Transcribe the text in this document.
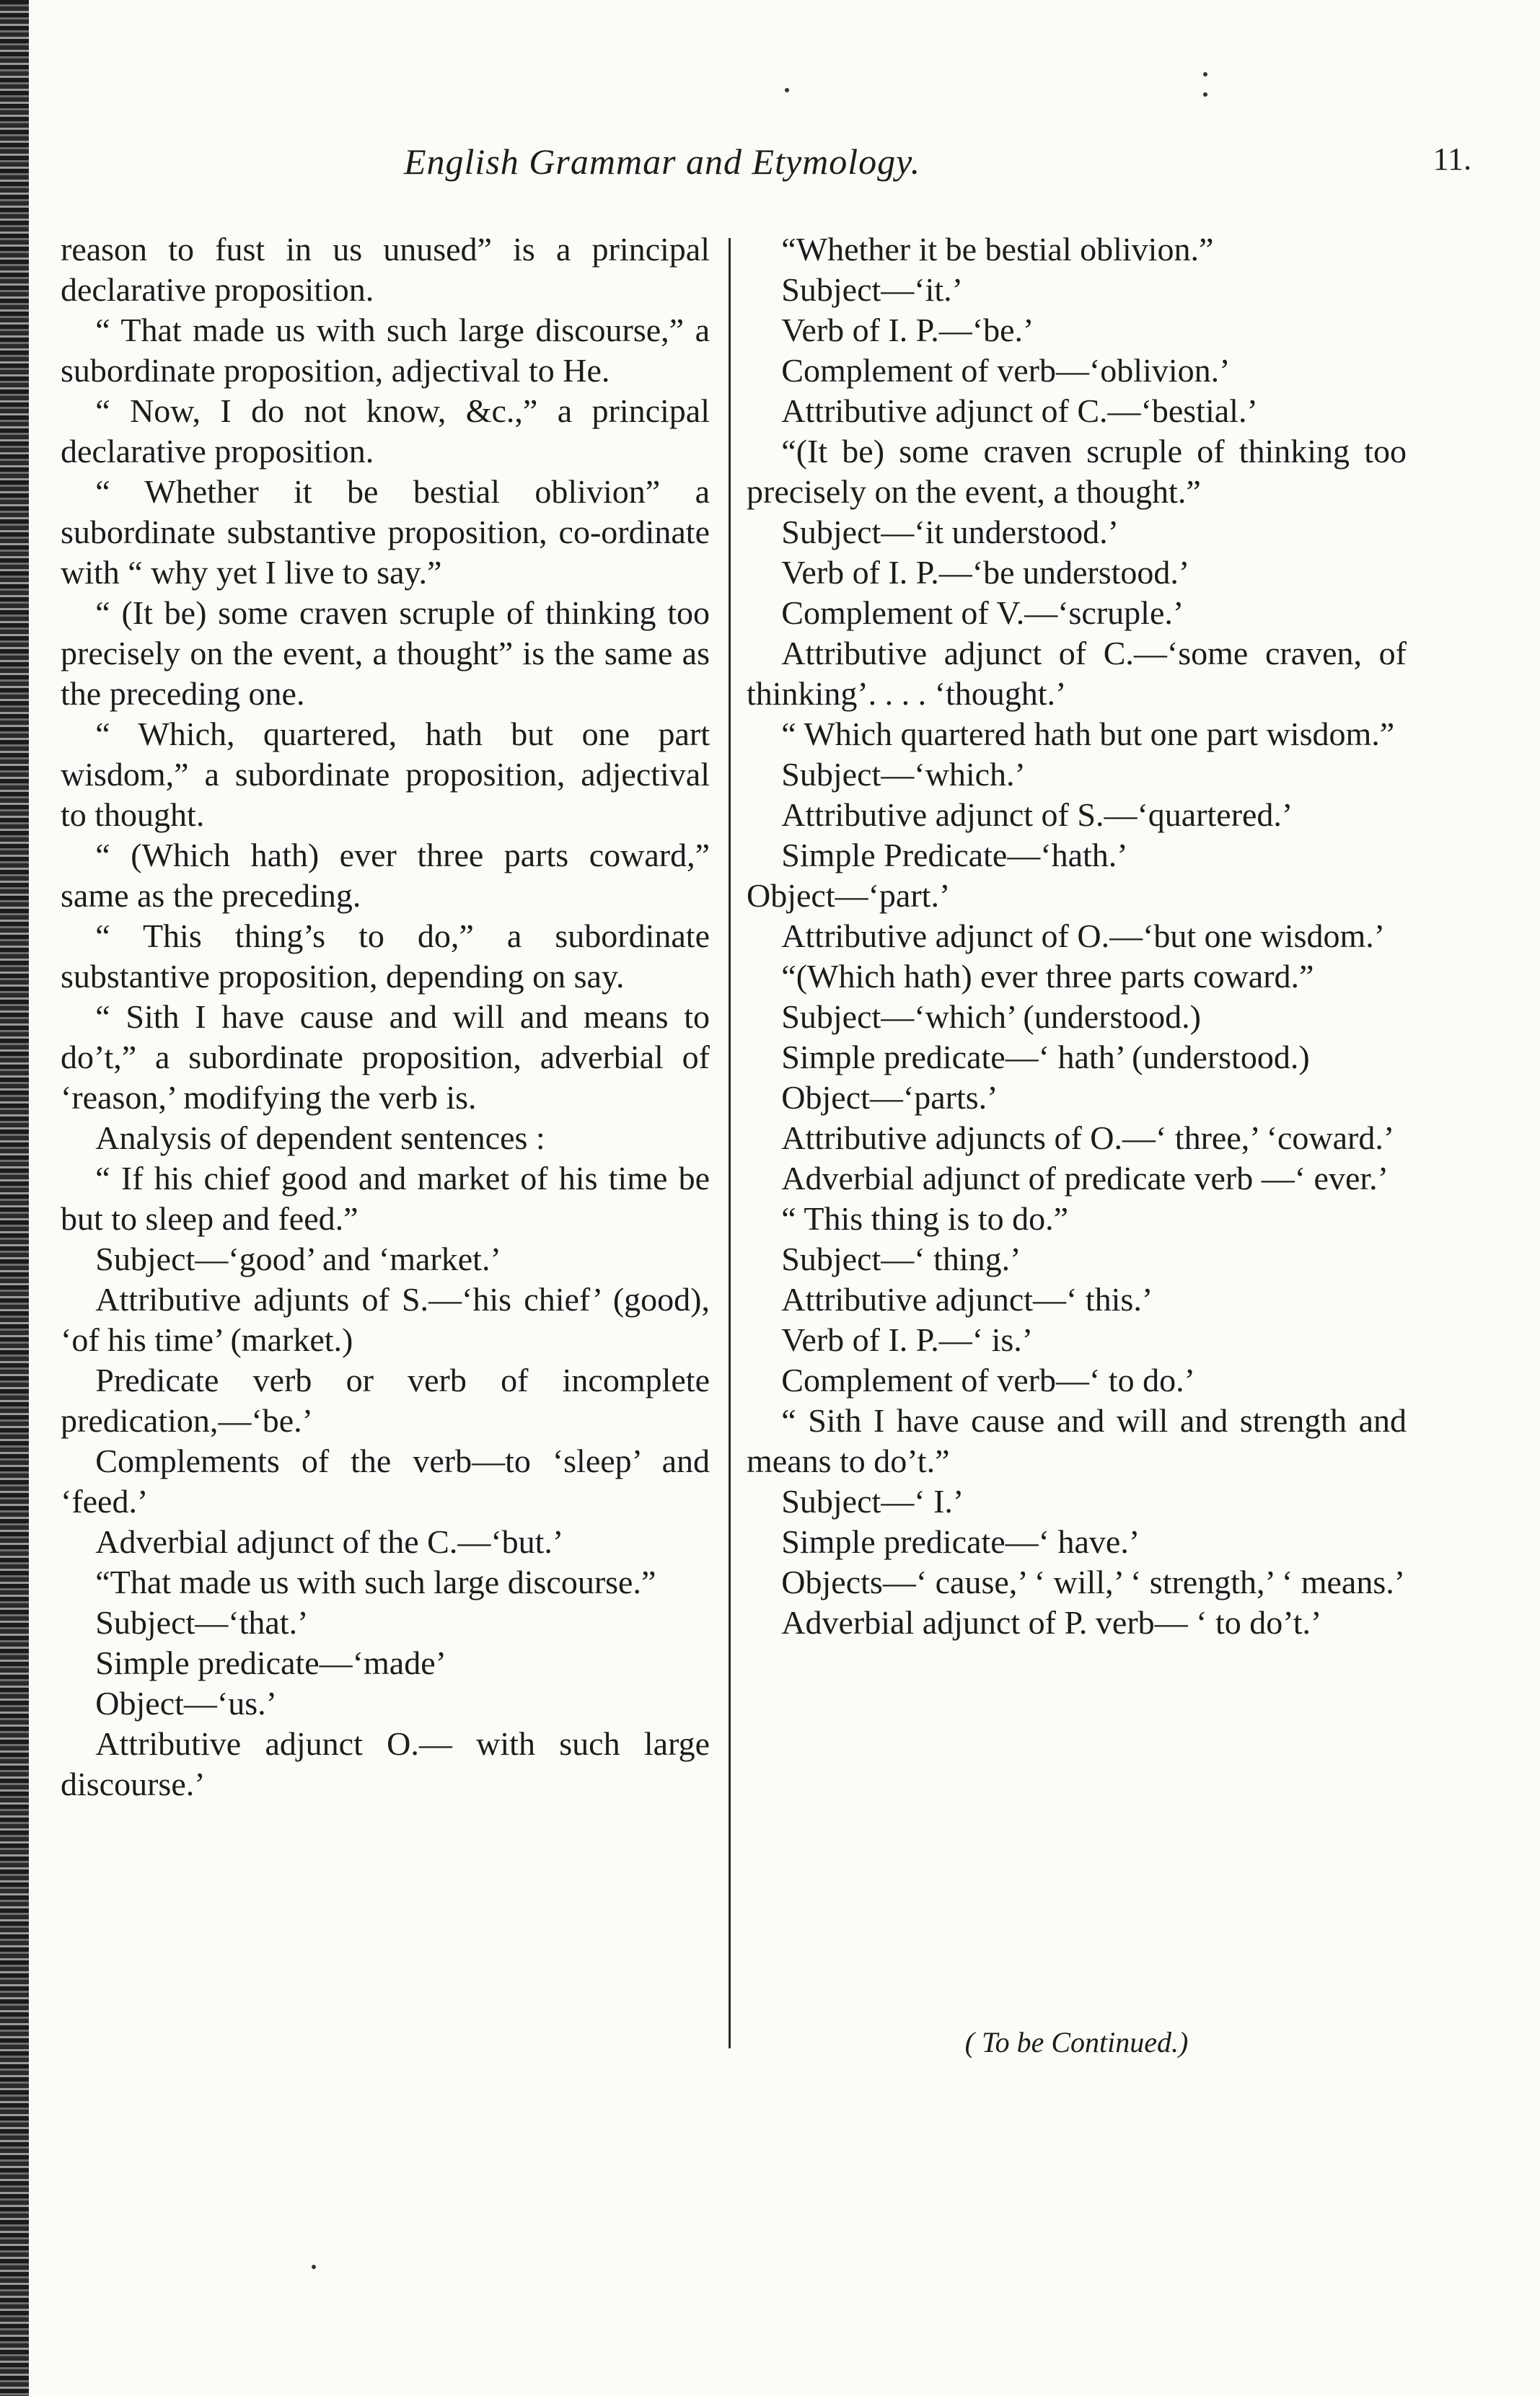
English Grammar and Etymology.	11.

reason to fust in us unused” is a principal declarative proposition.

“ That made us with such large discourse,” a subordinate proposition, adjectival to He.

“ Now, I do not know, &c.,” a principal declarative proposition.

“ Whether it be bestial oblivion” a subordinate substantive proposition, co-ordinate with “ why yet I live to say.”

“ (It be) some craven scruple of thinking too precisely on the event, a thought” is the same as the preceding one.

“ Which, quartered, hath but one part wisdom,” a subordinate proposition, adjectival to thought.

“ (Which hath) ever three parts coward,” same as the preceding.

“ This thing’s to do,” a subordinate substantive proposition, depending on say.

“ Sith I have cause and will and means to do’t,” a subordinate proposition, adverbial of ‘reason,’ modifying the verb is.

Analysis of dependent sentences :

“ If his chief good and market of his time be but to sleep and feed.”

Subject—‘good’ and ‘market.’

Attributive adjunts of S.—‘his chief’ (good), ‘of his time’ (market.)

Predicate verb or verb of incomplete predication,—‘be.’

Complements of the verb—to ‘sleep’ and ‘feed.’

Adverbial adjunct of the C.—‘but.’

“That made us with such large discourse.”

Subject—‘that.’

Simple predicate—‘made’

Object—‘us.’

Attributive adjunct O.— with such large discourse.’

“Whether it be bestial oblivion.”

Subject—‘it.’

Verb of I. P.—‘be.’

Complement of verb—‘oblivion.’

Attributive adjunct of C.—‘bestial.’

“(It be) some craven scruple of thinking too precisely on the event, a thought.”

Subject—‘it understood.’

Verb of I. P.—‘be understood.’

Complement of V.—‘scruple.’

Attributive adjunct of C.—‘some craven, of thinking’. . . . ‘thought.’

“ Which quartered hath but one part wisdom.”

Subject—‘which.’

Attributive adjunct of S.—‘quartered.’

Simple Predicate—‘hath.’

Object—‘part.’

Attributive adjunct of O.—‘but one wisdom.’

“(Which hath) ever three parts coward.”

Subject—‘which’ (understood.)

Simple predicate—‘ hath’ (understood.)

Object—‘parts.’

Attributive adjuncts of O.—‘ three,’ ‘coward.’

Adverbial adjunct of predicate verb —‘ ever.’

“ This thing is to do.”

Subject—‘ thing.’

Attributive adjunct—‘ this.’

Verb of I. P.—‘ is.’

Complement of verb—‘ to do.’

“ Sith I have cause and will and strength and means to do’t.”

Subject—‘ I.’

Simple predicate—‘ have.’

Objects—‘ cause,’ ‘ will,’ ‘ strength,’ ‘ means.’

Adverbial adjunct of P. verb— ‘ to do’t.’

( To be Continued.)
